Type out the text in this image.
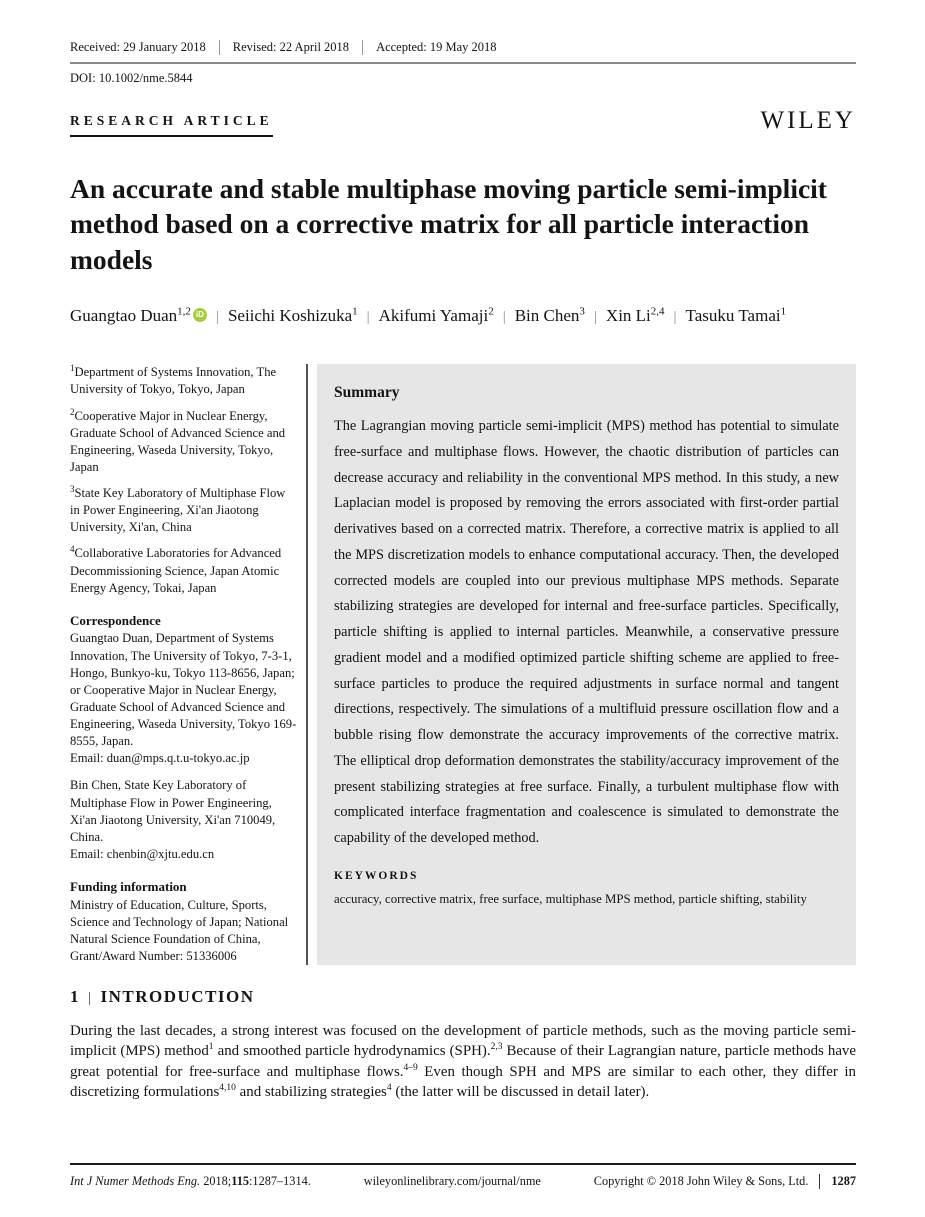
Received: 29 January 2018	Revised: 22 April 2018	Accepted: 19 May 2018
DOI: 10.1002/nme.5844
RESEARCH ARTICLE	WILEY
An accurate and stable multiphase moving particle semi-implicit method based on a corrective matrix for all particle interaction models
Guangtao Duan$^{1,2}$ iD | Seiichi Koshizuka$^1$ | Akifumi Yamaji$^2$ | Bin Chen$^3$ | Xin Li$^{2,4}$ | Tasuku Tamai$^1$

$^1$Department of Systems Innovation, The University of Tokyo, Tokyo, Japan

$^2$Cooperative Major in Nuclear Energy, Graduate School of Advanced Science and Engineering, Waseda University, Tokyo, Japan

$^3$State Key Laboratory of Multiphase Flow in Power Engineering, Xi'an Jiaotong University, Xi'an, China

$^4$Collaborative Laboratories for Advanced Decommissioning Science, Japan Atomic Energy Agency, Tokai, Japan

Correspondence

Guangtao Duan, Department of Systems Innovation, The University of Tokyo, 7-3-1, Hongo, Bunkyo-ku, Tokyo 113-8656, Japan; or Cooperative Major in Nuclear Energy, Graduate School of Advanced Science and Engineering, Waseda University, Tokyo 169-8555, Japan.
Email: duan@mps.q.t.u-tokyo.ac.jp

Bin Chen, State Key Laboratory of Multiphase Flow in Power Engineering, Xi'an Jiaotong University, Xi'an 710049, China.
Email: chenbin@xjtu.edu.cn

Funding information

Ministry of Education, Culture, Sports, Science and Technology of Japan; National Natural Science Foundation of China, Grant/Award Number: 51336006

Summary

The Lagrangian moving particle semi-implicit (MPS) method has potential to simulate free-surface and multiphase flows. However, the chaotic distribution of particles can decrease accuracy and reliability in the conventional MPS method. In this study, a new Laplacian model is proposed by removing the errors associated with first-order partial derivatives based on a corrected matrix. Therefore, a corrective matrix is applied to all the MPS discretization models to enhance computational accuracy. Then, the developed corrected models are coupled into our previous multiphase MPS methods. Separate stabilizing strategies are developed for internal and free-surface particles. Specifically, particle shifting is applied to internal particles. Meanwhile, a conservative pressure gradient model and a modified optimized particle shifting scheme are applied to free-surface particles to produce the required adjustments in surface normal and tangent directions, respectively. The simulations of a multifluid pressure oscillation flow and a bubble rising flow demonstrate the accuracy improvements of the corrective matrix. The elliptical drop deformation demonstrates the stability/accuracy improvement of the present stabilizing strategies at free surface. Finally, a turbulent multiphase flow with complicated interface fragmentation and coalescence is simulated to demonstrate the capability of the developed method.

KEYWORDS

accuracy, corrective matrix, free surface, multiphase MPS method, particle shifting, stability

1 | INTRODUCTION

During the last decades, a strong interest was focused on the development of particle methods, such as the moving particle semi-implicit (MPS) method$^1$ and smoothed particle hydrodynamics (SPH).$^{2,3}$ Because of their Lagrangian nature, particle methods have great potential for free-surface and multiphase flows.$^{4-9}$ Even though SPH and MPS are similar to each other, they differ in discretizing formulations$^{4,10}$ and stabilizing strategies$^4$ (the latter will be discussed in detail later).

Int J Numer Methods Eng. 2018;115:1287–1314.	wileyonlinelibrary.com/journal/nme	Copyright © 2018 John Wiley & Sons, Ltd.	1287
